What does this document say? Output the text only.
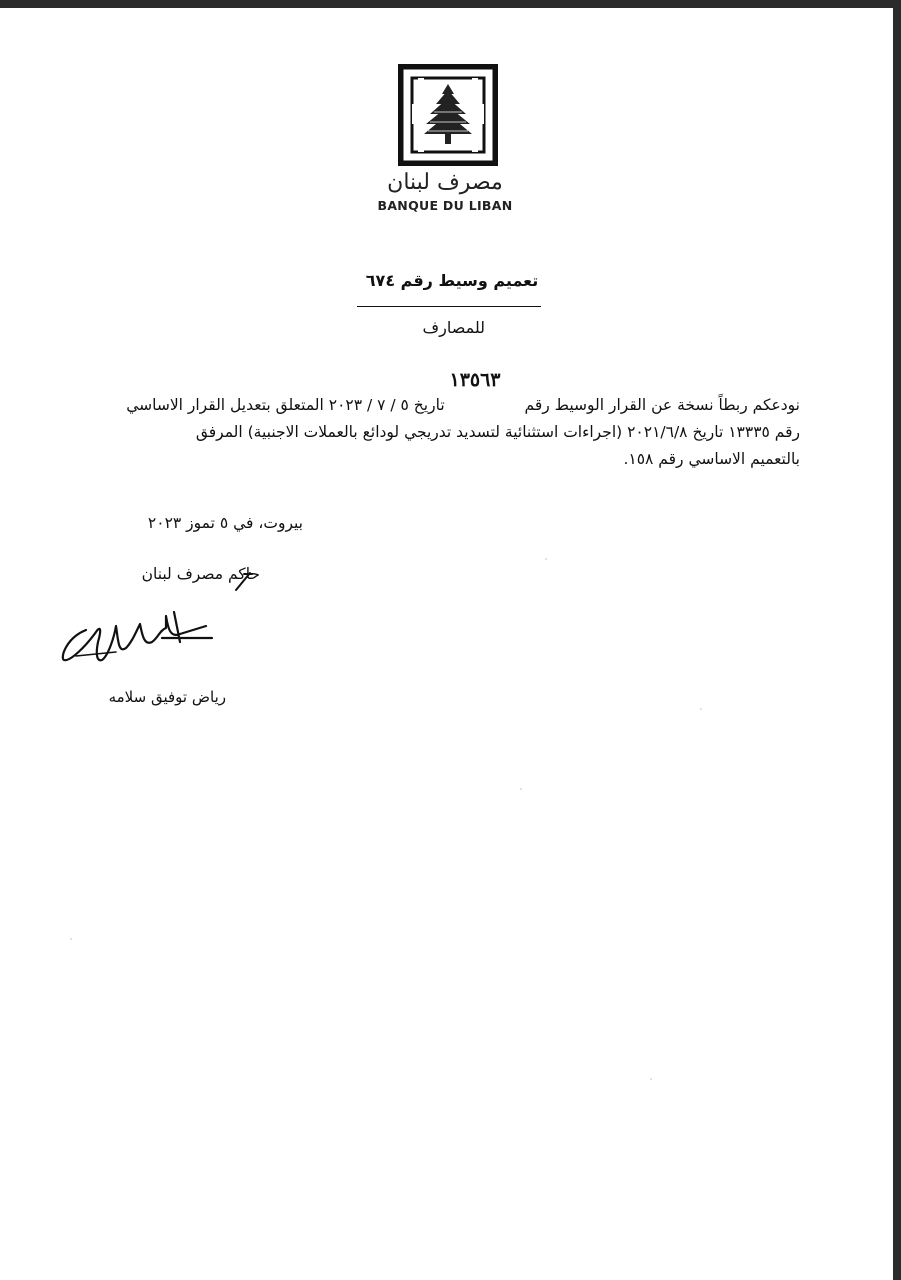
مصرف لبنان
BANQUE DU LIBAN
تعميم وسيط رقم ٦٧٤
للمصارف
١٣٥٦٣
نودعكم ربطاً نسخة عن القرار الوسيط رقم  تاريخ ٥ / ٧ / ٢٠٢٣ المتعلق بتعديل القرار الاساسي
رقم ١٣٣٣٥ تاريخ ٢٠٢١/٦/٨ (اجراءات استثنائية لتسديد تدريجي لودائع بالعملات الاجنبية) المرفق
بالتعميم الاساسي رقم ١٥٨.
بيروت، في ٥ تموز ٢٠٢٣
حاكم مصرف لبنان
رياض توفيق سلامه
